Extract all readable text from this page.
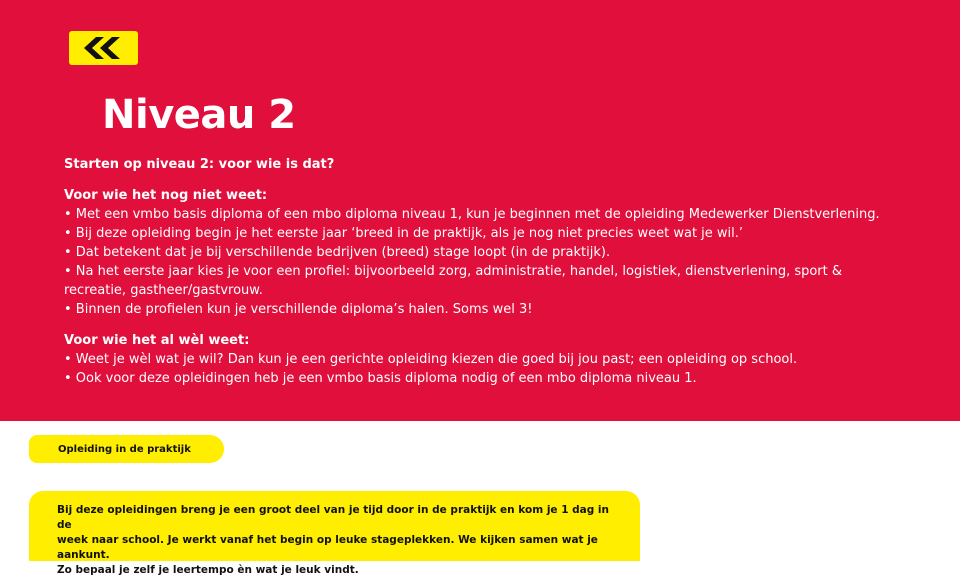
Niveau 2
Starten op niveau 2: voor wie is dat?
Voor wie het nog niet weet:
• Met een vmbo basis diploma of een mbo diploma niveau 1, kun je beginnen met de opleiding Medewerker Dienstverlening.
• Bij deze opleiding begin je het eerste jaar ‘breed in de praktijk, als je nog niet precies weet wat je wil.’
• Dat betekent dat je bij verschillende bedrijven (breed) stage loopt (in de praktijk).
• Na het eerste jaar kies je voor een profiel: bijvoorbeeld zorg, administratie, handel, logistiek, dienstverlening, sport & recreatie, gastheer/gastvrouw.
• Binnen de profielen kun je verschillende diploma’s halen. Soms wel 3!
Voor wie het al wèl weet:
• Weet je wèl wat je wil? Dan kun je een gerichte opleiding kiezen die goed bij jou past; een opleiding op school.
• Ook voor deze opleidingen heb je een vmbo basis diploma nodig of een mbo diploma niveau 1.
Opleiding in de praktijk
Bij deze opleidingen breng je een groot deel van je tijd door in de praktijk en kom je 1 dag in de
week naar school. Je werkt vanaf het begin op leuke stageplekken. We kijken samen wat je aankunt.
Zo bepaal je zelf je leertempo èn wat je leuk vindt.
